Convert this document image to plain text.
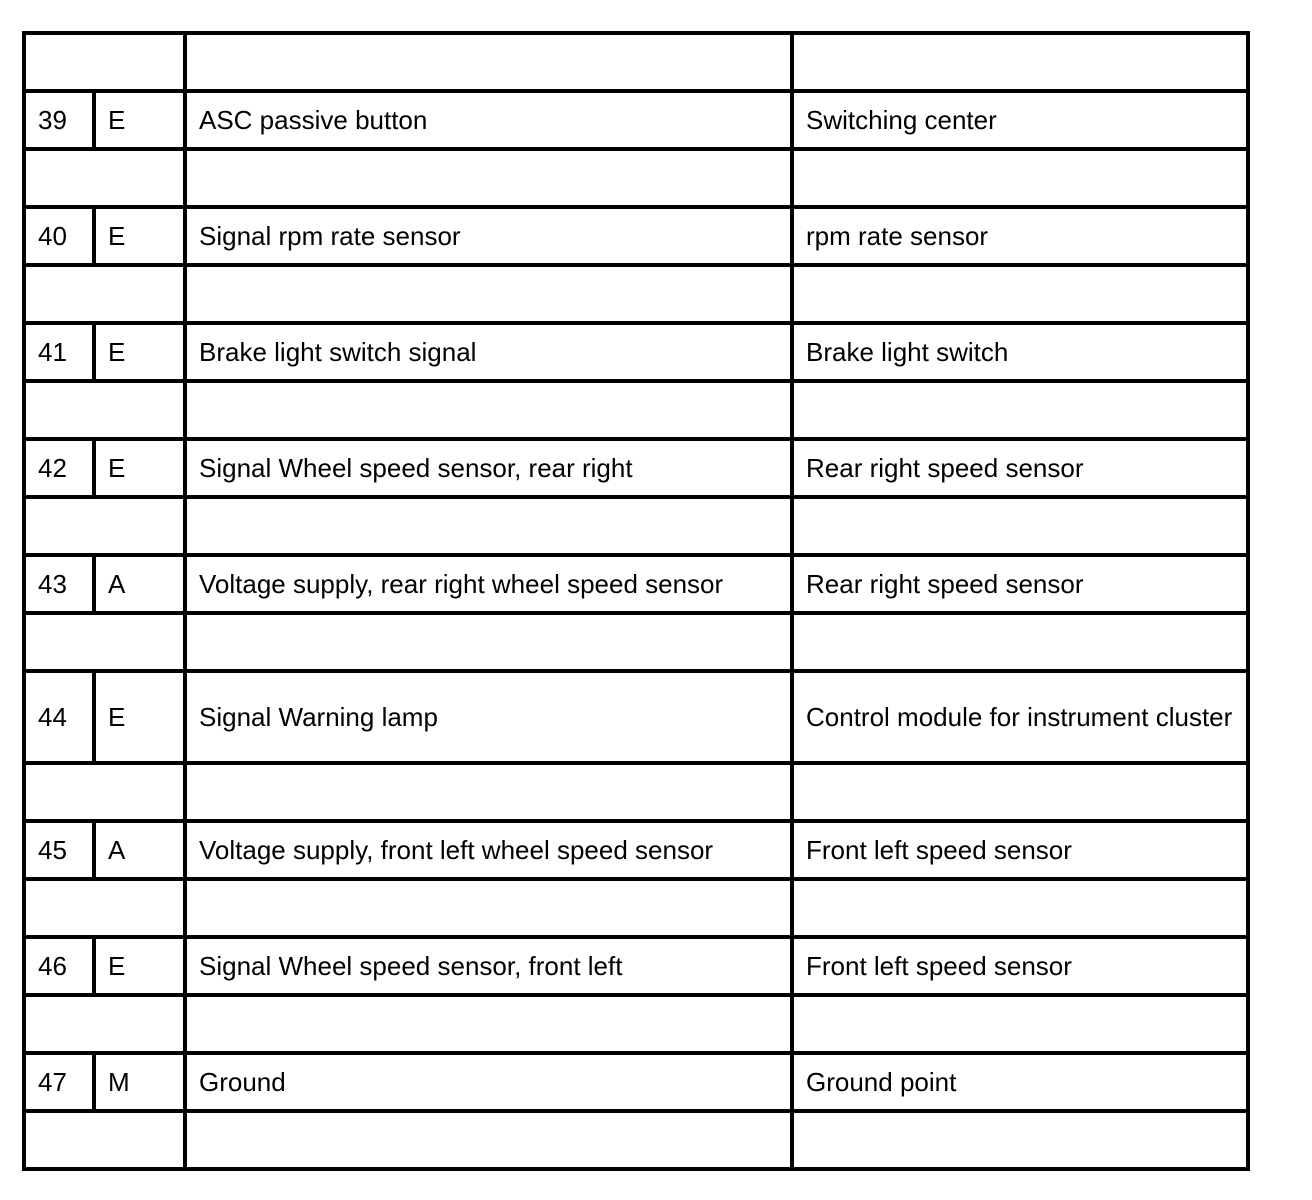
39	E	ASC passive button	Switching center

40	E	Signal rpm rate sensor	rpm rate sensor

41	E	Brake light switch signal	Brake light switch

42	E	Signal Wheel speed sensor, rear right	Rear right speed sensor

43	A	Voltage supply, rear right wheel speed sensor	Rear right speed sensor

44	E	Signal Warning lamp	Control module for instrument cluster

45	A	Voltage supply, front left wheel speed sensor	Front left speed sensor

46	E	Signal Wheel speed sensor, front left	Front left speed sensor

47	M	Ground	Ground point
